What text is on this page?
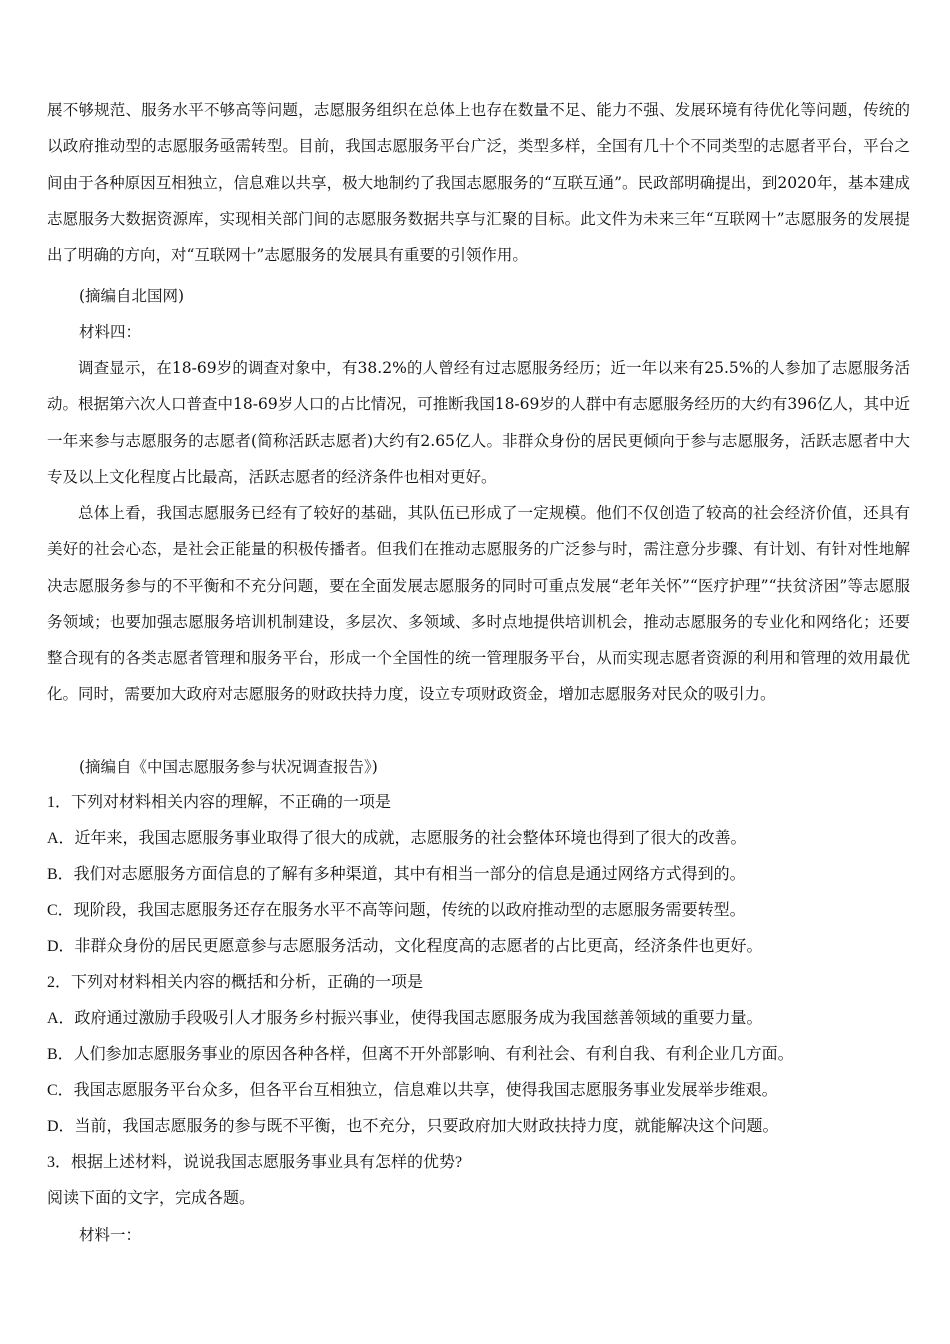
展不够规范、服务水平不够高等问题，志愿服务组织在总体上也存在数量不足、能力不强、发展环境有待优化等问题，传统的以政府推动型的志愿服务亟需转型。目前，我国志愿服务平台广泛，类型多样，全国有几十个不同类型的志愿者平台，平台之间由于各种原因互相独立，信息难以共享，极大地制约了我国志愿服务的“互联互通”。民政部明确提出，到2020年，基本建成志愿服务大数据资源库，实现相关部门间的志愿服务数据共享与汇聚的目标。此文件为未来三年“互联网十”志愿服务的发展提出了明确的方向，对“互联网十”志愿服务的发展具有重要的引领作用。

(摘编自北国网)

材料四：

调查显示，在18-69岁的调查对象中，有38.2%的人曾经有过志愿服务经历；近一年以来有25.5%的人参加了志愿服务活动。根据第六次人口普查中18-69岁人口的占比情况，可推断我国18-69岁的人群中有志愿服务经历的大约有396亿人，其中近一年来参与志愿服务的志愿者(简称活跃志愿者)大约有2.65亿人。非群众身份的居民更倾向于参与志愿服务，活跃志愿者中大专及以上文化程度占比最高，活跃志愿者的经济条件也相对更好。

总体上看，我国志愿服务已经有了较好的基础，其队伍已形成了一定规模。他们不仅创造了较高的社会经济价值，还具有美好的社会心态，是社会正能量的积极传播者。但我们在推动志愿服务的广泛参与时，需注意分步骤、有计划、有针对性地解决志愿服务参与的不平衡和不充分问题，要在全面发展志愿服务的同时可重点发展“老年关怀”“医疗护理”“扶贫济困”等志愿服务领域；也要加强志愿服务培训机制建设，多层次、多领域、多时点地提供培训机会，推动志愿服务的专业化和网络化；还要整合现有的各类志愿者管理和服务平台，形成一个全国性的统一管理服务平台，从而实现志愿者资源的利用和管理的效用最优化。同时，需要加大政府对志愿服务的财政扶持力度，设立专项财政资金，增加志愿服务对民众的吸引力。

(摘编自《中国志愿服务参与状况调查报告》)

1．下列对材料相关内容的理解，不正确的一项是

A．近年来，我国志愿服务事业取得了很大的成就，志愿服务的社会整体环境也得到了很大的改善。

B．我们对志愿服务方面信息的了解有多种渠道，其中有相当一部分的信息是通过网络方式得到的。

C．现阶段，我国志愿服务还存在服务水平不高等问题，传统的以政府推动型的志愿服务需要转型。

D．非群众身份的居民更愿意参与志愿服务活动，文化程度高的志愿者的占比更高，经济条件也更好。

2．下列对材料相关内容的概括和分析，正确的一项是

A．政府通过激励手段吸引人才服务乡村振兴事业，使得我国志愿服务成为我国慈善领域的重要力量。

B．人们参加志愿服务事业的原因各种各样，但离不开外部影响、有利社会、有利自我、有利企业几方面。

C．我国志愿服务平台众多，但各平台互相独立，信息难以共享，使得我国志愿服务事业发展举步维艰。

D．当前，我国志愿服务的参与既不平衡，也不充分，只要政府加大财政扶持力度，就能解决这个问题。

3．根据上述材料，说说我国志愿服务事业具有怎样的优势?

阅读下面的文字，完成各题。

材料一：
